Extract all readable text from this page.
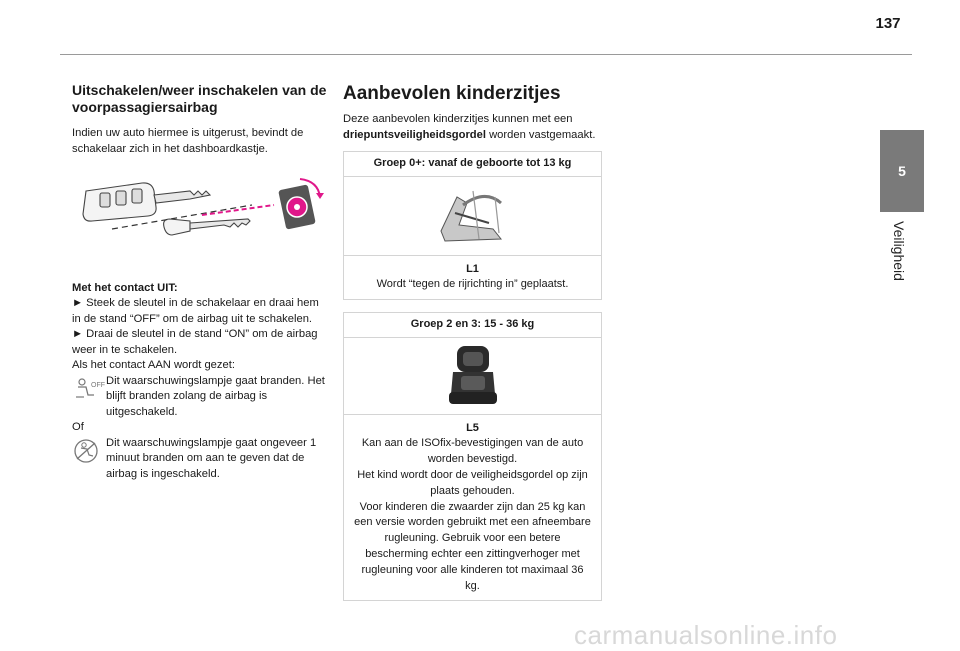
137
5
Veiligheid
Uitschakelen/weer inschakelen van de voorpassagiersairbag

Indien uw auto hiermee is uitgerust, bevindt de schakelaar zich in het dashboardkastje.

Met het contact UIT:

► Steek de sleutel in de schakelaar en draai hem in de stand “OFF” om de airbag uit te schakelen.

► Draai de sleutel in de stand “ON” om de airbag weer in te schakelen.

Als het contact AAN wordt gezet:

OFF Dit waarschuwingslampje gaat branden. Het blijft branden zolang de airbag is uitgeschakeld.

Of

Dit waarschuwingslampje gaat ongeveer 1 minuut branden om aan te geven dat de airbag is ingeschakeld.

Aanbevolen kinderzitjes

Deze aanbevolen kinderzitjes kunnen met een driepuntsveiligheidsgordel worden vastgemaakt.

Groep 0+: vanaf de geboorte tot 13 kg
L1
Wordt “tegen de rijrichting in” geplaatst.
Groep 2 en 3: 15 - 36 kg
L5
Kan aan de ISOfix-bevestigingen van de auto worden bevestigd.
Het kind wordt door de veiligheidsgordel op zijn plaats gehouden.
Voor kinderen die zwaarder zijn dan 25 kg kan een versie worden gebruikt met een afneembare rugleuning. Gebruik voor een betere bescherming echter een zittingverhoger met rugleuning voor alle kinderen tot maximaal 36 kg.
carmanualsonline.info
